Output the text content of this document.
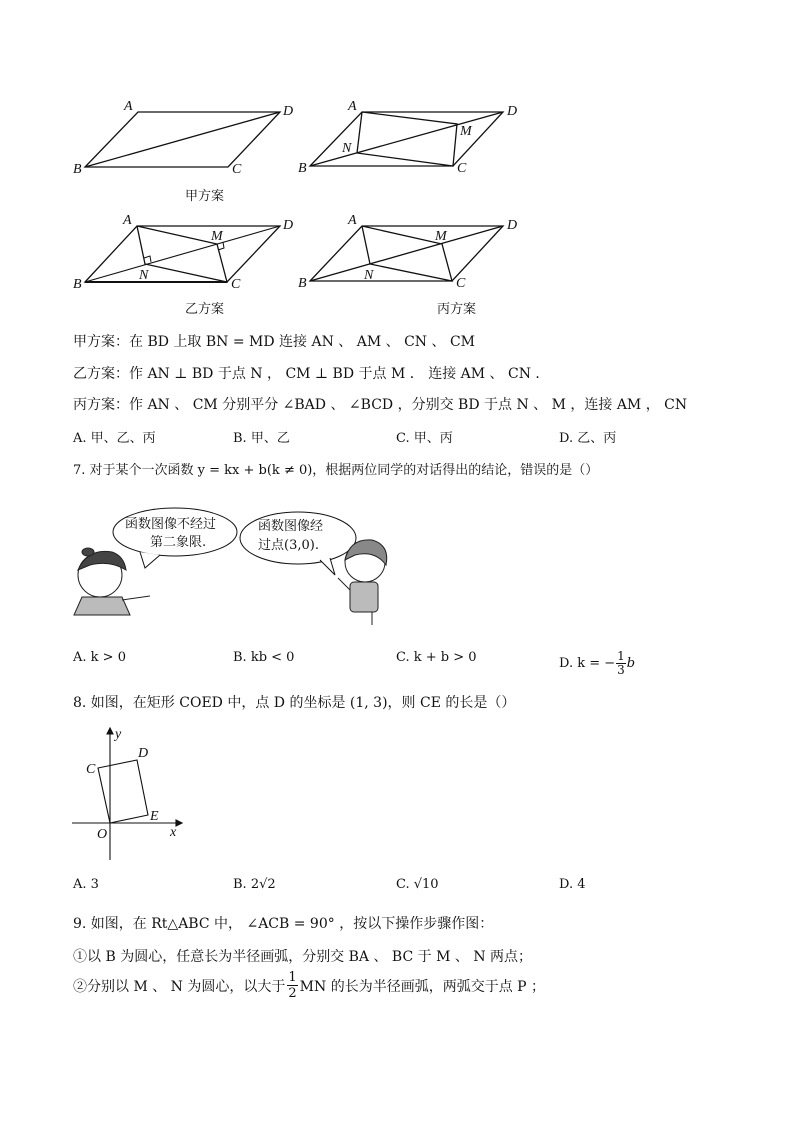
A	D
B	C
A	D
B	C
N
M
A	D
B	C
N
M
A	D
B	C
N
M
甲方案
乙方案	丙方案
y
C
D
E
O	x
函数图像不经过
第二象限.
函数图像经
过点(3,0).
甲方案：在 BD 上取 BN = MD 连接 AN 、 AM 、 CN 、 CM
乙方案：作 AN ⊥ BD 于点 N ， CM ⊥ BD 于点 M ． 连接 AM 、 CN ．
丙方案：作 AN 、 CM 分别平分 ∠BAD 、 ∠BCD ，分别交 BD 于点 N 、 M ，连接 AM ， CN
A. 甲、乙、丙	B. 甲、乙	C. 甲、丙	D. 乙、丙
7. 对于某个一次函数 y = kx + b(k ≠ 0)，根据两位同学的对话得出的结论，错误的是（）
A. k > 0	B. kb < 0	C. k + b > 0	D. k = − $\frac{1}{3}$ b
8. 如图，在矩形 COED 中，点 D 的坐标是 (1, 3)，则 CE 的长是（）
A. 3	B. 2√2	C. √10	D. 4
9. 如图，在 Rt△ABC 中， ∠ACB = 90° ，按以下操作步骤作图：
①以 B 为圆心，任意长为半径画弧，分别交 BA 、 BC 于 M 、 N 两点；
②分别以 M 、 N 为圆心，以大于 $\frac{1}{2}$ MN 的长为半径画弧，两弧交于点 P ；
